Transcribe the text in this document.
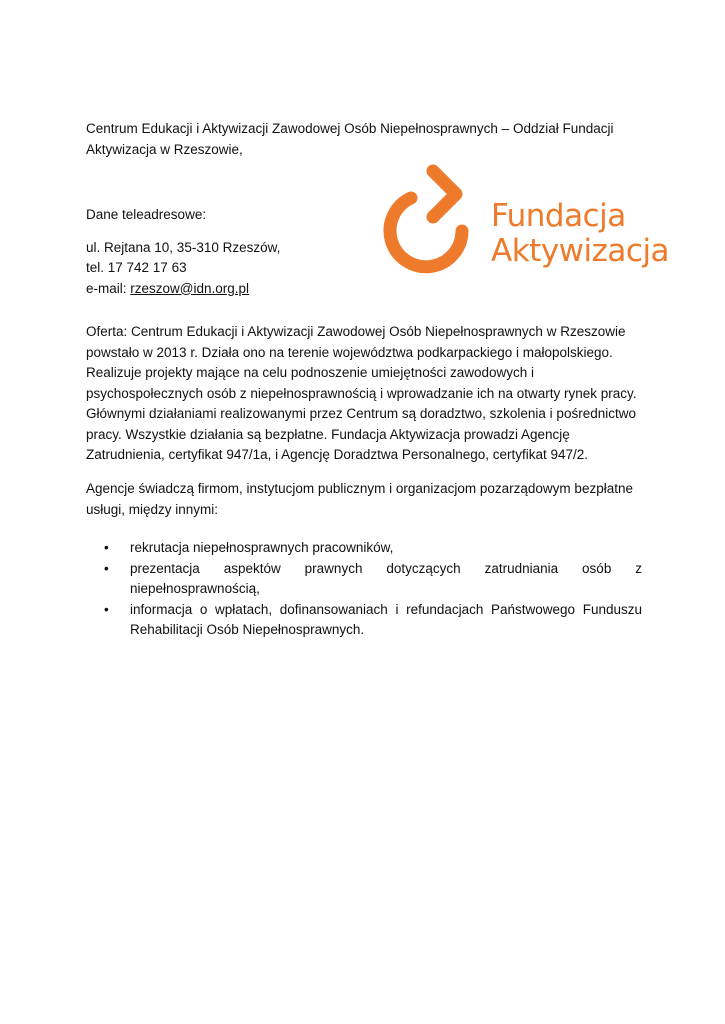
Centrum Edukacji i Aktywizacji Zawodowej Osób Niepełnosprawnych – Oddział Fundacji Aktywizacja w Rzeszowie,
Dane teleadresowe:
ul. Rejtana 10, 35-310 Rzeszów,
tel. 17 742 17 63
e-mail: rzeszow@idn.org.pl
Fundacja
Aktywizacja
Oferta: Centrum Edukacji i Aktywizacji Zawodowej Osób Niepełnosprawnych w Rzeszowie powstało w 2013 r. Działa ono na terenie województwa podkarpackiego i małopolskiego. Realizuje projekty mające na celu podnoszenie umiejętności zawodowych i psychospołecznych osób z niepełnosprawnością i wprowadzanie ich na otwarty rynek pracy. Głównymi działaniami realizowanymi przez Centrum są doradztwo, szkolenia i pośrednictwo pracy. Wszystkie działania są bezpłatne. Fundacja Aktywizacja prowadzi Agencję Zatrudnienia, certyfikat 947/1a, i Agencję Doradztwa Personalnego, certyfikat 947/2.
Agencje świadczą firmom, instytucjom publicznym i organizacjom pozarządowym bezpłatne usługi, między innymi:
• rekrutacja niepełnosprawnych pracowników,
• prezentacja aspektów prawnych dotyczących zatrudniania osób z niepełnosprawnością,
• informacja o wpłatach, dofinansowaniach i refundacjach Państwowego Funduszu Rehabilitacji Osób Niepełnosprawnych.
